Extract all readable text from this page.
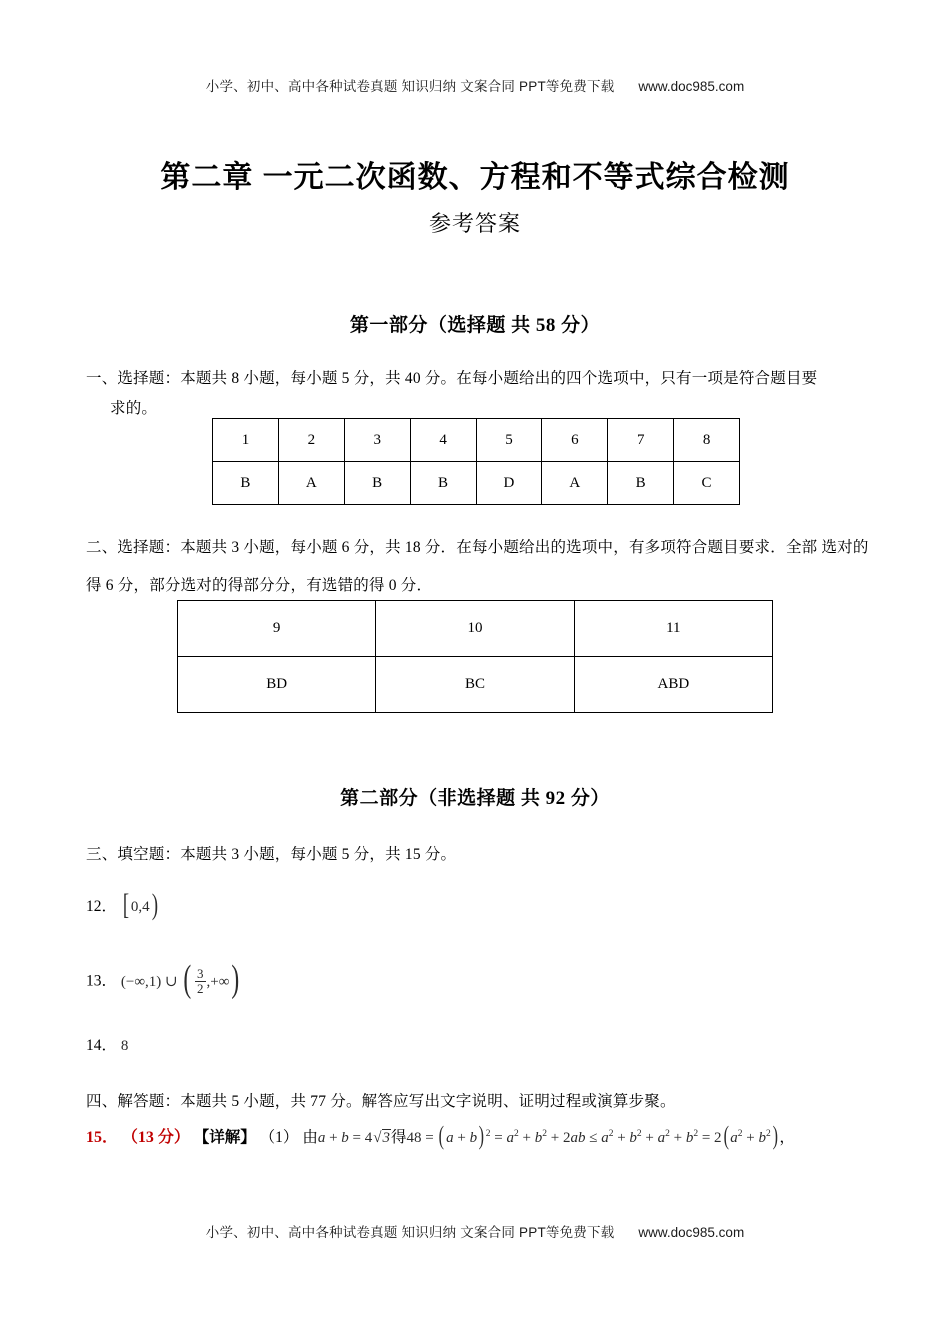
小学、初中、高中各种试卷真题 知识归纳 文案合同 PPT等免费下载 www.doc985.com
第二章 一元二次函数、方程和不等式综合检测
参考答案
第一部分（选择题 共 58 分）
一、选择题：本题共 8 小题，每小题 5 分，共 40 分。在每小题给出的四个选项中，只有一项是符合题目要
求的。
1	2	3	4	5	6	7	8
B	A	B	B	D	A	B	C
二、选择题：本题共 3 小题，每小题 6 分，共 18 分．在每小题给出的选项中，有多项符合题目要求．全部 选对的得 6 分，部分选对的得部分分，有选错的得 0 分．
9	10	11
BD	BC	ABD
第二部分（非选择题 共 92 分）
三、填空题：本题共 3 小题，每小题 5 分，共 15 分。
12． [ 0,4)
13． (−∞,1) ∪ ( $\frac{3}{2}$ ,+∞)
14． 8
四、解答题：本题共 5 小题，共 77 分。解答应写出文字说明、证明过程或演算步聚。
15． （13 分） 【详解】 （1） 由a + b = 4√3得48 = ( a + b) $^2 = a^2 + b^2 + 2ab \le a^2 + b^2 + a^2 + b^2 = 2$( $a^2 + b^2$) ，
小学、初中、高中各种试卷真题 知识归纳 文案合同 PPT等免费下载 www.doc985.com
